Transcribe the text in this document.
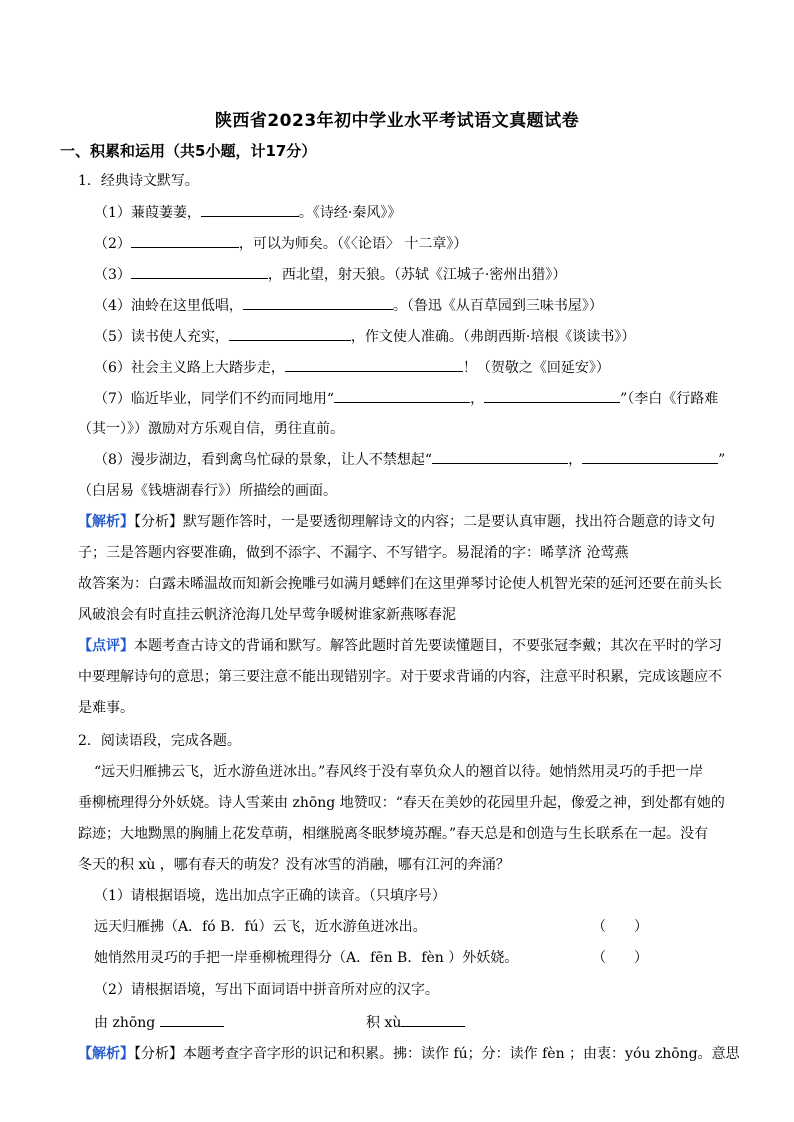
陕西省2023年初中学业水平考试语文真题试卷
一、积累和运用（共5小题，计17分）
1．经典诗文默写。
（1）蒹葭萋萋，	。《诗经·秦风》》
（2）	，可以为师矣。（《〈论语〉 十二章》）
（3）	，西北望，射天狼。（苏轼《江城子·密州出猎》）
（4）油蛉在这里低唱，	。（鲁迅《从百草园到三味书屋》）
（5）读书使人充实，	，作文使人准确。（弗朗西斯·培根《谈读书》）
（6）社会主义路上大踏步走，	！（贺敬之《回延安》）
（7）临近毕业，同学们不约而同地用“	，	”（李白《行路难
（其一）》）激励对方乐观自信，勇往直前。
（8）漫步湖边，看到禽鸟忙碌的景象，让人不禁想起“	，	”
（白居易《钱塘湖春行》）所描绘的画面。
【解析】【分析】默写题作答时，一是要透彻理解诗文的内容；二是要认真审题，找出符合题意的诗文句
子；三是答题内容要准确，做到不添字、不漏字、不写错字。易混淆的字：晞莩济 沧莺燕
故答案为：白露未晞温故而知新会挽雕弓如满月蟋蟀们在这里弹琴讨论使人机智光荣的延河还要在前头长
风破浪会有时直挂云帆济沧海几处早莺争暖树谁家新燕啄春泥
【点评】本题考查古诗文的背诵和默写。解答此题时首先要读懂题目，不要张冠李戴；其次在平时的学习
中要理解诗句的意思；第三要注意不能出现错别字。对于要求背诵的内容，注意平时积累，完成该题应不
是难事。
2．阅读语段，完成各题。
“远天归雁拂云飞，近水游鱼迸冰出。”春风终于没有辜负众人的翘首以待。她悄然用灵巧的手把一岸
垂柳梳理得分外妖娆。诗人雪莱由 zhōng 地赞叹：“春天在美妙的花园里升起，像爱之神，到处都有她的
踪迹；大地黝黑的胸脯上花发草萌，相继脱离冬眠梦境苏醒。”春天总是和创造与生长联系在一起。没有
冬天的积 xù ，哪有春天的萌发？没有冰雪的消融，哪有江河的奔涌？
（1）请根据语境，选出加点字正确的读音。（只填序号）
远天归雁拂（A．fó B．fú）云飞，近水游鱼迸冰出。	（　　）
她悄然用灵巧的手把一岸垂柳梳理得分（A．fēn B．fèn ）外妖娆。	（　　）
（2）请根据语境，写出下面词语中拼音所对应的汉字。
由 zhōng	积 xù
【解析】【分析】本题考查字音字形的识记和积累。拂：读作 fú；分：读作 fèn ；由衷：yóu zhōng。意思
